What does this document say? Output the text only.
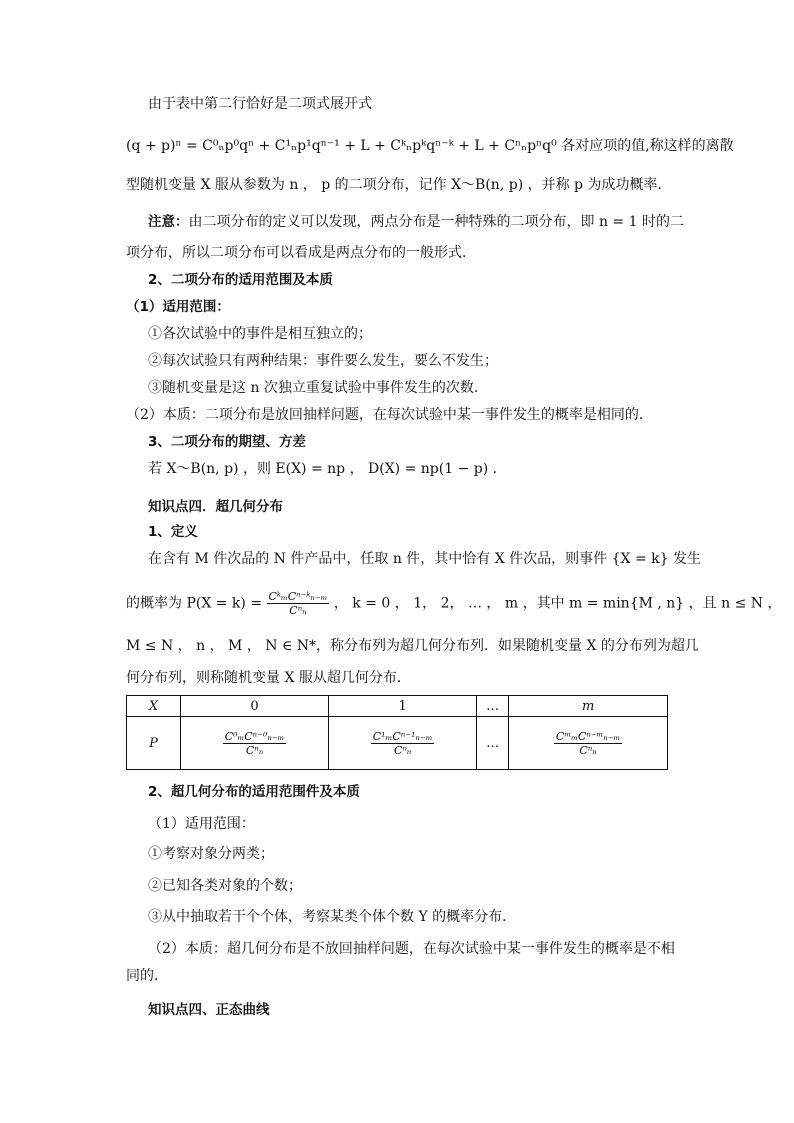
由于表中第二行恰好是二项式展开式
(q + p)ⁿ = C⁰ₙp⁰qⁿ + C¹ₙp¹qⁿ⁻¹ + L + Cᵏₙpᵏqⁿ⁻ᵏ + L + Cⁿₙpⁿq⁰ 各对应项的值,称这样的离散
型随机变量 X 服从参数为 n ， p 的二项分布，记作 X～B(n, p) ，并称 p 为成功概率．
注意：由二项分布的定义可以发现，两点分布是一种特殊的二项分布，即 n = 1 时的二
项分布，所以二项分布可以看成是两点分布的一般形式．
2、二项分布的适用范围及本质
（1）适用范围：
①各次试验中的事件是相互独立的；
②每次试验只有两种结果：事件要么发生，要么不发生；
③随机变量是这 n 次独立重复试验中事件发生的次数．
（2）本质：二项分布是放回抽样问题，在每次试验中某一事件发生的概率是相同的．
3、二项分布的期望、方差
若 X～B(n, p) ，则 E(X) = np ， D(X) = np(1 − p) ．
知识点四．超几何分布
1、定义
在含有 M 件次品的 N 件产品中，任取 n 件，其中恰有 X 件次品，则事件 {X = k} 发生
的概率为 $P(X = k) = \frac{\text{CᵏₘCⁿ⁻ᵏₙ₋ₘ}}{\text{Cⁿₙ}}$ ， k = 0 ， 1， 2， … ， m ，其中 m = min{M , n} ，且 n ≤ N ，
M ≤ N ， n ， M ， N ∈ N*，称分布列为超几何分布列．如果随机变量 X 的分布列为超几
何分布列，则称随机变量 X 服从超几何分布．
X	0	1	…	m
P	$\frac{\text{C⁰ₘCⁿ⁻⁰ₙ₋ₘ}}{\text{Cⁿₙ}}$	$\frac{\text{C¹ₘCⁿ⁻¹ₙ₋ₘ}}{\text{Cⁿₙ}}$	…	$\frac{\text{CᵐₘCⁿ⁻ᵐₙ₋ₘ}}{\text{Cⁿₙ}}$
2、超几何分布的适用范围件及本质
（1）适用范围：
①考察对象分两类；
②已知各类对象的个数；
③从中抽取若干个个体，考察某类个体个数 Y 的概率分布．
（2）本质：超几何分布是不放回抽样问题，在每次试验中某一事件发生的概率是不相
同的．
知识点四、正态曲线
